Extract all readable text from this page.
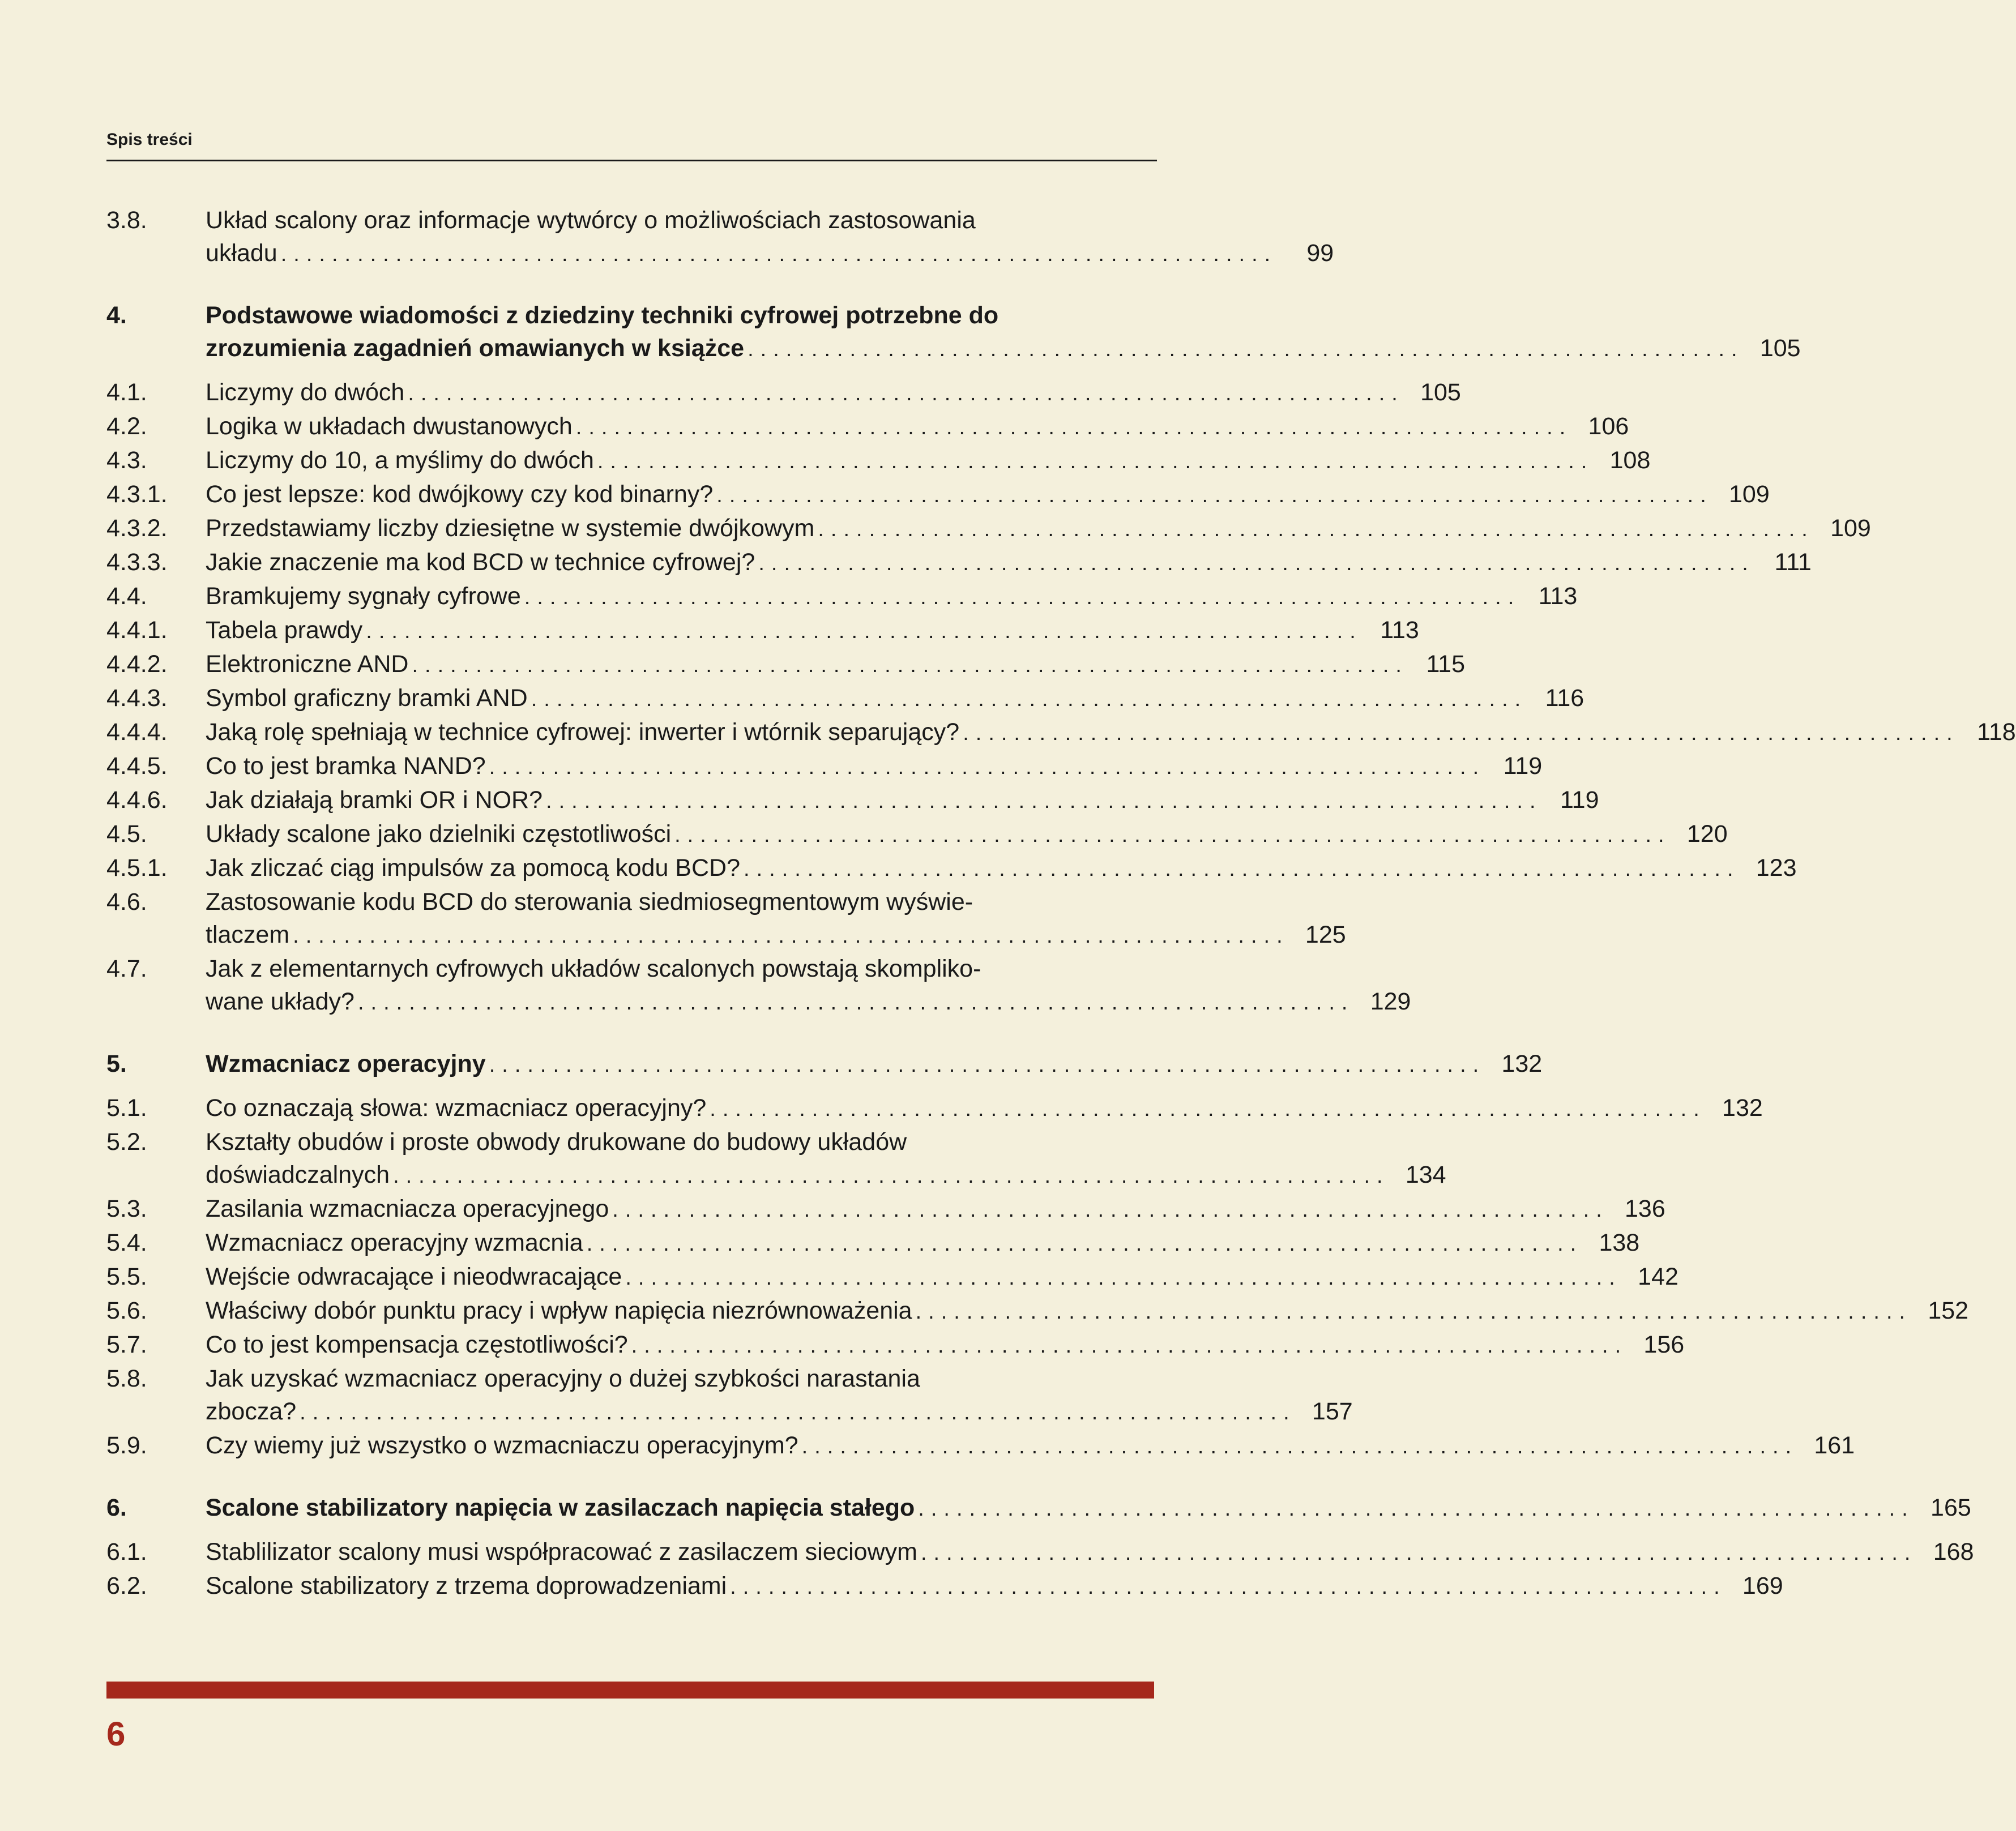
Spis treści
3.8.	Układ scalony oraz informacje wytwórcy o możliwościach zastosowania
układu ..............................................................................	99
4.	Podstawowe wiadomości z dziedziny techniki cyfrowej potrzebne do
zrozumienia zagadnień omawianych w książce .............................................................................. 105
4.1.	Liczymy do dwóch .............................................................................. 105
4.2.	Logika w układach dwustanowych .............................................................................. 106
4.3.	Liczymy do 10, a myślimy do dwóch .............................................................................. 108
4.3.1.	Co jest lepsze: kod dwójkowy czy kod binarny? .............................................................................. 109
4.3.2.	Przedstawiamy liczby dziesiętne w systemie dwójkowym .............................................................................. 109
4.3.3.	Jakie znaczenie ma kod BCD w technice cyfrowej? .............................................................................. 111
4.4.	Bramkujemy sygnały cyfrowe .............................................................................. 113
4.4.1.	Tabela prawdy .............................................................................. 113
4.4.2.	Elektroniczne AND .............................................................................. 115
4.4.3.	Symbol graficzny bramki AND .............................................................................. 116
4.4.4.	Jaką rolę spełniają w technice cyfrowej: inwerter i wtórnik separujący? .............................................................................. 118
4.4.5.	Co to jest bramka NAND? .............................................................................. 119
4.4.6.	Jak działają bramki OR i NOR? .............................................................................. 119
4.5.	Układy scalone jako dzielniki częstotliwości .............................................................................. 120
4.5.1.	Jak zliczać ciąg impulsów za pomocą kodu BCD? .............................................................................. 123
4.6.	Zastosowanie kodu BCD do sterowania siedmiosegmentowym wyświe-
tlaczem .............................................................................. 125
4.7.	Jak z elementarnych cyfrowych układów scalonych powstają skompliko-
wane układy? .............................................................................. 129
5.	Wzmacniacz operacyjny .............................................................................. 132
5.1.	Co oznaczają słowa: wzmacniacz operacyjny? .............................................................................. 132
5.2.	Kształty obudów i proste obwody drukowane do budowy układów
doświadczalnych .............................................................................. 134
5.3.	Zasilania wzmacniacza operacyjnego .............................................................................. 136
5.4.	Wzmacniacz operacyjny wzmacnia .............................................................................. 138
5.5.	Wejście odwracające i nieodwracające .............................................................................. 142
5.6.	Właściwy dobór punktu pracy i wpływ napięcia niezrównoważenia .............................................................................. 152
5.7.	Co to jest kompensacja częstotliwości? .............................................................................. 156
5.8.	Jak uzyskać wzmacniacz operacyjny o dużej szybkości narastania
zbocza? .............................................................................. 157
5.9.	Czy wiemy już wszystko o wzmacniaczu operacyjnym? .............................................................................. 161
6.	Scalone stabilizatory napięcia w zasilaczach napięcia stałego .............................................................................. 165
6.1.	Stablilizator scalony musi współpracować z zasilaczem sieciowym .............................................................................. 168
6.2.	Scalone stabilizatory z trzema doprowadzeniami .............................................................................. 169
6
